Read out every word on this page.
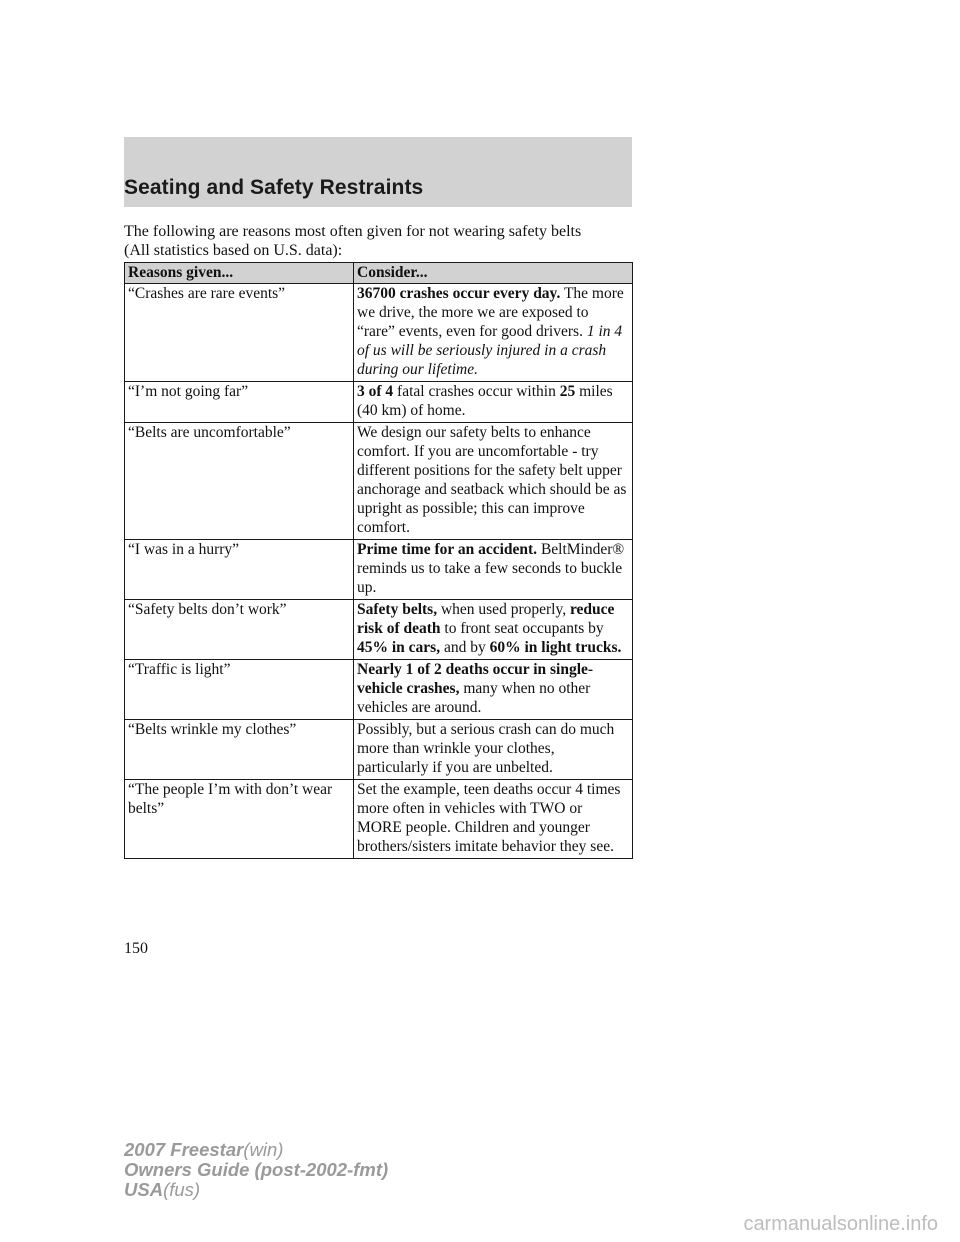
Seating and Safety Restraints
The following are reasons most often given for not wearing safety belts
(All statistics based on U.S. data):
Reasons given...	Consider...
“Crashes are rare events”	36700 crashes occur every day. The more we drive, the more we are exposed to “rare” events, even for good drivers. 1 in 4 of us will be seriously injured in a crash during our lifetime.
“I’m not going far”	3 of 4 fatal crashes occur within 25 miles (40 km) of home.
“Belts are uncomfortable”	We design our safety belts to enhance comfort. If you are uncomfortable - try different positions for the safety belt upper anchorage and seatback which should be as upright as possible; this can improve comfort.
“I was in a hurry”	Prime time for an accident. BeltMinder® reminds us to take a few seconds to buckle up.
“Safety belts don’t work”	Safety belts, when used properly, reduce risk of death to front seat occupants by 45% in cars, and by 60% in light trucks.
“Traffic is light”	Nearly 1 of 2 deaths occur in single-vehicle crashes, many when no other vehicles are around.
“Belts wrinkle my clothes”	Possibly, but a serious crash can do much more than wrinkle your clothes, particularly if you are unbelted.
“The people I’m with don’t wear belts”	Set the example, teen deaths occur 4 times more often in vehicles with TWO or MORE people. Children and younger brothers/sisters imitate behavior they see.
150
2007 Freestar(win)
Owners Guide (post-2002-fmt)
USA(fus)
carmanualsonline.info
